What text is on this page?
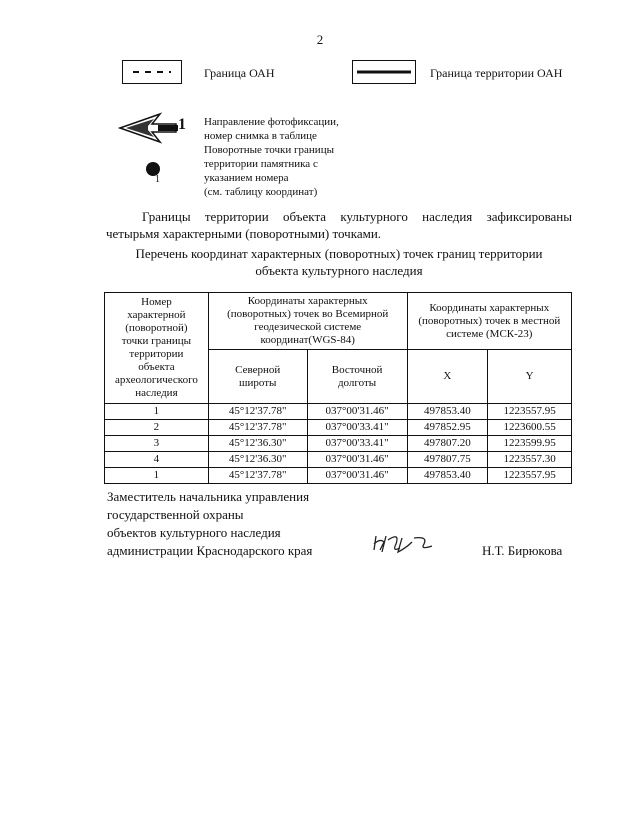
2
Граница ОАН	Граница территории ОАН
1 Направление фотофиксации,
номер снимка в таблице
1
Поворотные точки границы
территории памятника с
указанием номера
(см. таблицу координат)
Границы территории объекта культурного наследия зафиксированы четырьмя характерными (поворотными) точками.
Перечень координат характерных (поворотных) точек границ территории
объекта культурного наследия
Номер характерной (поворотной) точки границы территории объекта археологического наследия	Координаты характерных (поворотных) точек во Всемирной геодезической системе координат(WGS-84)		Координаты характерных (поворотных) точек в местной системе (МСК-23)	
	Северной широты	Восточной долготы	X	Y
1	45°12'37.78"	037°00'31.46"	497853.40	1223557.95
2	45°12'37.78"	037°00'33.41"	497852.95	1223600.55
3	45°12'36.30"	037°00'33.41"	497807.20	1223599.95
4	45°12'36.30"	037°00'31.46"	497807.75	1223557.30
1	45°12'37.78"	037°00'31.46"	497853.40	1223557.95
Заместитель начальника управления
государственной охраны
объектов культурного наследия
администрации Краснодарского края	Н.Т. Бирюкова
